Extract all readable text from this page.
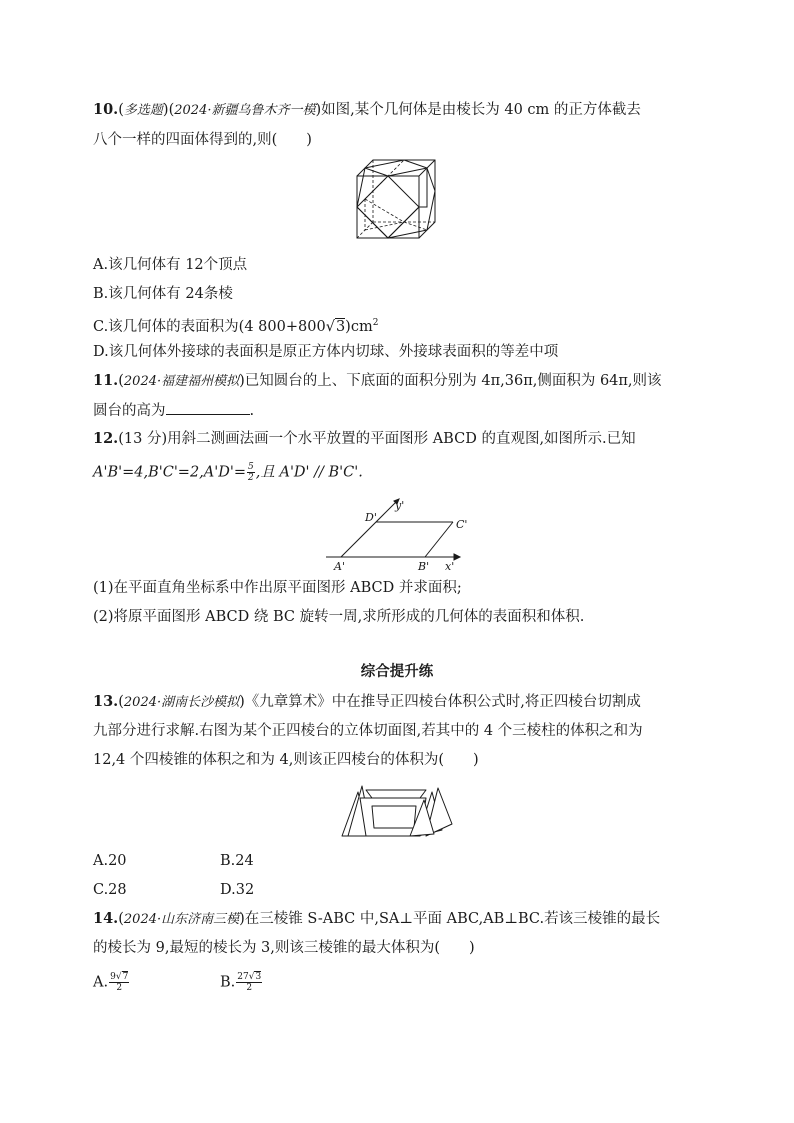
10.(多选题)(2024·新疆乌鲁木齐一模)如图,某个几何体是由棱长为 40 cm 的正方体截去
八个一样的四面体得到的,则(　　)
A.该几何体有 12个顶点
B.该几何体有 24条棱
C.该几何体的表面积为(4 $800+800√3)cm^2$
D.该几何体外接球的表面积是原正方体内切球、外接球表面积的等差中项
11.(2024·福建福州模拟)已知圆台的上、下底面的面积分别为 4π,36π,侧面积为 64π,则该
圆台的高为	.
12.(13 分)用斜二测画法画一个水平放置的平面图形 ABCD 的直观图,如图所示.已知
$A'B'=4,B'C'=2,A'D'= \frac{5}{2}$ ,且 A'D' // B'C'.
D'
C'
A'	B' x'
y'
(1)在平面直角坐标系中作出原平面图形 ABCD 并求面积;
(2)将原平面图形 ABCD 绕 BC 旋转一周,求所形成的几何体的表面积和体积.
综合提升练
13.(2024·湖南长沙模拟)《九章算术》中在推导正四棱台体积公式时,将正四棱台切割成
九部分进行求解.右图为某个正四棱台的立体切面图,若其中的 4 个三棱柱的体积之和为
12,4 个四棱锥的体积之和为 4,则该正四棱台的体积为(　　)
A.20	B.24
C.28	D.32
14.(2024·山东济南三模)在三棱锥 S-ABC 中,SA⊥平面 ABC,AB⊥BC.若该三棱锥的最长
的棱长为 9,最短的棱长为 3,则该三棱锥的最大体积为(　　)
A. $\frac{9√7}{2}$	B. $\frac{27√3}{2}$
